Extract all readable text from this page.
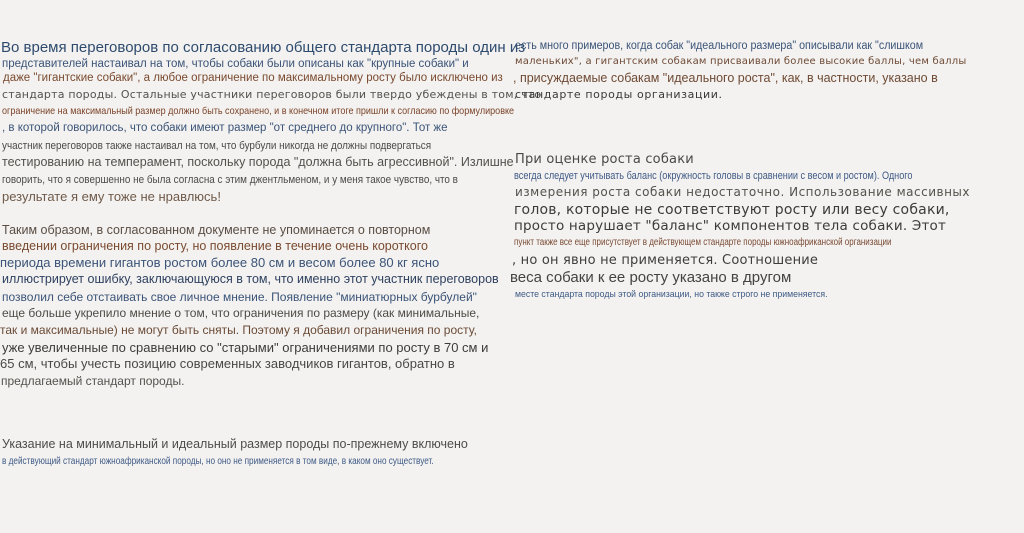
Во время переговоров по согласованию общего стандарта породы один из
представителей настаивал на том, чтобы собаки были описаны как "крупные собаки" и
даже "гигантские собаки", а любое ограничение по максимальному росту было исключено из
стандарта породы. Остальные участники переговоров были твердо убеждены в том, что
ограничение на максимальный размер должно быть сохранено, и в конечном итоге пришли к согласию по формулировке
, в которой говорилось, что собаки имеют размер "от среднего до крупного". Тот же
участник переговоров также настаивал на том, что бурбули никогда не должны подвергаться
тестированию на темперамент, поскольку порода "должна быть агрессивной". Излишне
говорить, что я совершенно не была согласна с этим джентльменом, и у меня такое чувство, что в
результате я ему тоже не нравлюсь!
Таким образом, в согласованном документе не упоминается о повторном
введении ограничения по росту, но появление в течение очень короткого
периода времени гигантов ростом более 80 см и весом более 80 кг ясно
иллюстрирует ошибку, заключающуюся в том, что именно этот участник переговоров
позволил себе отстаивать свое личное мнение. Появление "миниатюрных бурбулей"
еще больше укрепило мнение о том, что ограничения по размеру (как минимальные,
так и максимальные) не могут быть сняты. Поэтому я добавил ограничения по росту,
уже увеличенные по сравнению со "старыми" ограничениями по росту в 70 см и
65 см, чтобы учесть позицию современных заводчиков гигантов, обратно в
предлагаемый стандарт породы.
Указание на минимальный и идеальный размер породы по-прежнему включено
в действующий стандарт южноафриканской породы, но оно не применяется в том виде, в каком оно существует.
есть много примеров, когда собак "идеального размера" описывали как "слишком
маленьких", а гигантским собакам присваивали более высокие баллы, чем баллы
, присуждаемые собакам "идеального роста", как, в частности, указано в
стандарте породы организации.
При оценке роста собаки
всегда следует учитывать баланс (окружность головы в сравнении с весом и ростом). Одного
измерения роста собаки недостаточно. Использование массивных
голов, которые не соответствуют росту или весу собаки,
просто нарушает "баланс" компонентов тела собаки. Этот
пункт также все еще присутствует в действующем стандарте породы южноафриканской организации
, но он явно не применяется. Соотношение
веса собаки к ее росту указано в другом
месте стандарта породы этой организации, но также строго не применяется.
